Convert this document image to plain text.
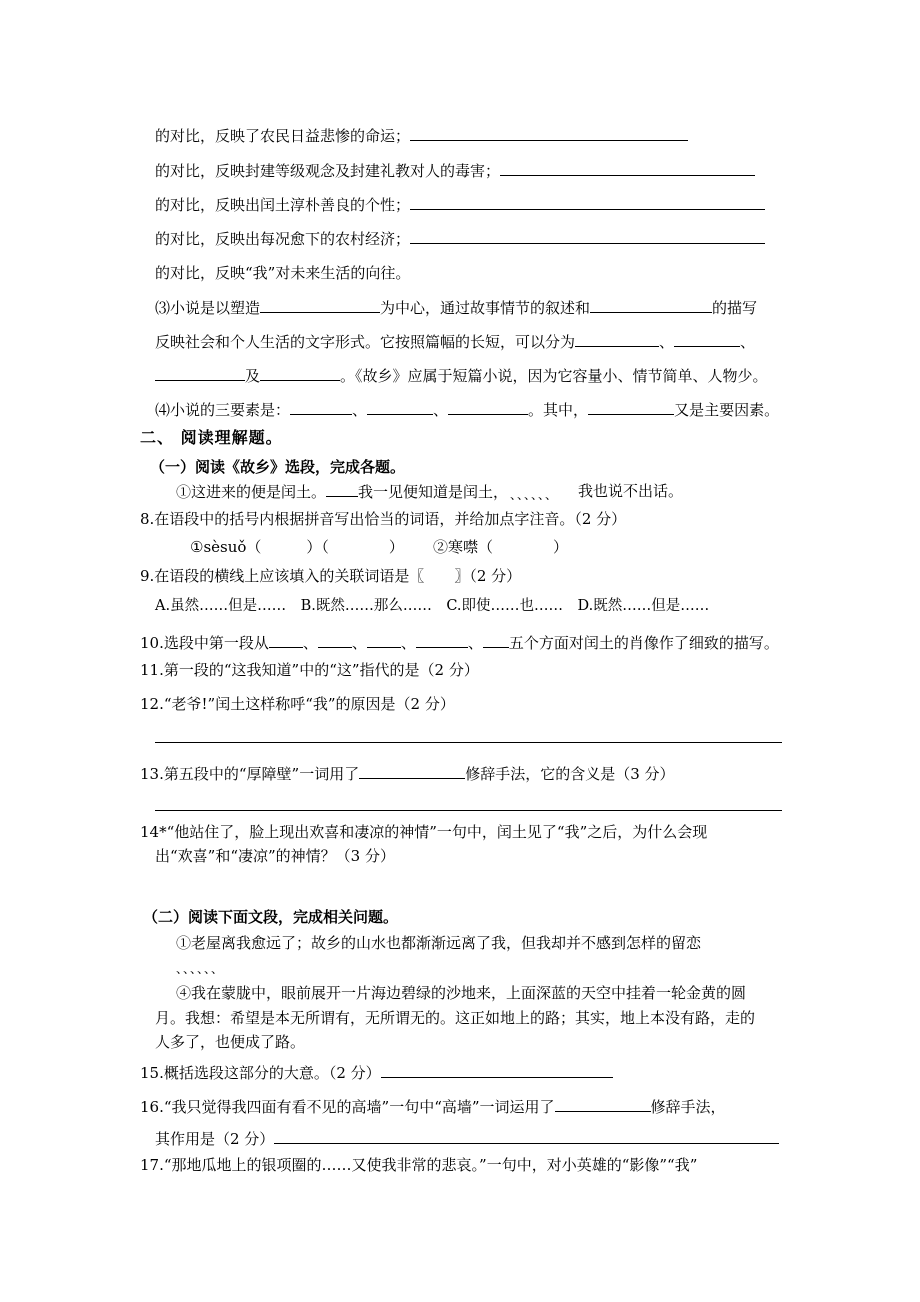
的对比，反映了农民日益悲惨的命运；
的对比，反映封建等级观念及封建礼教对人的毒害；
的对比，反映出闰土淳朴善良的个性；
的对比，反映出每况愈下的农村经济；
的对比，反映“我”对未来生活的向往。
⑶小说是以塑造	为中心，通过故事情节的叙述和	的描写
反映社会和个人生活的文字形式。它按照篇幅的长短，可以分为	、	、
及	。《故乡》应属于短篇小说，因为它容量小、情节简单、人物少。
⑷小说的三要素是：	、	、	。其中，	又是主要因素。
二、 阅读理解题。
（一）阅读《故乡》选段，完成各题。
①这进来的便是闰土。 我一见便知道是闰土， 、、、、、、 我也说不出话。
8.在语段中的括号内根据拼音写出恰当的词语，并给加点字注音。（2 分）
①sèsuǒ（　　　）（　　　　） ②寒噤（　　　　）
9.在语段的横线上应该填入的关联词语是〖　　〗（2 分）
A.虽然……但是……　B.既然……那么……　C.即使……也……　D.既然……但是……
10.选段中第一段从 、 、 、	、 五个方面对闰土的肖像作了细致的描写。
11.第一段的“这我知道”中的“这”指代的是（2 分）
12.“老爷!”闰土这样称呼“我”的原因是（2 分）
13.第五段中的“厚障壁”一词用了	修辞手法，它的含义是（3 分）
14*“他站住了，脸上现出欢喜和凄凉的神情”一句中，闰土见了“我”之后，为什么会现
出“欢喜”和“凄凉”的神情？（3 分）
（二）阅读下面文段，完成相关问题。
①老屋离我愈远了；故乡的山水也都渐渐远离了我，但我却并不感到怎样的留恋
、、、、、、
④我在蒙胧中，眼前展开一片海边碧绿的沙地来，上面深蓝的天空中挂着一轮金黄的圆
月。我想：希望是本无所谓有，无所谓无的。这正如地上的路；其实，地上本没有路，走的
人多了，也便成了路。
15.概括选段这部分的大意。（2 分）
16.“我只觉得我四面有看不见的高墙”一句中“高墙”一词运用了	修辞手法，
其作用是（2 分）
17.“那地瓜地上的银项圈的……又使我非常的悲哀。”一句中，对小英雄的“影像”“我”
